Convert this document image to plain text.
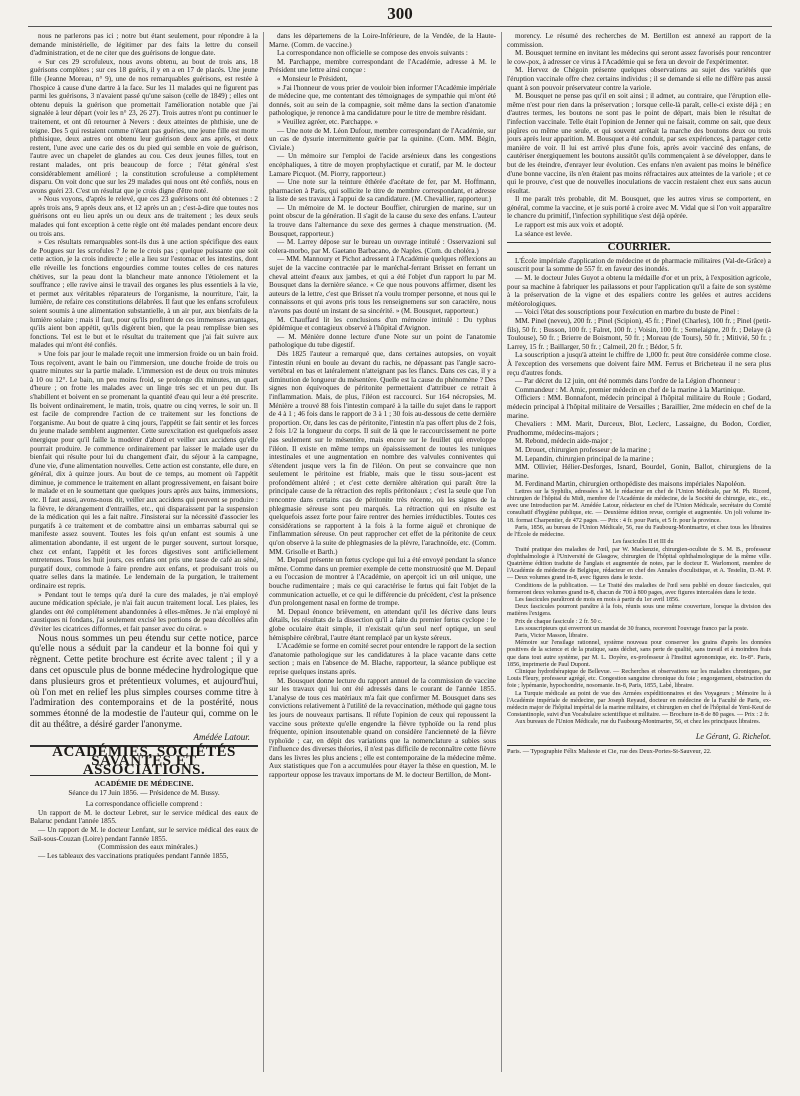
300

nous ne parlerons pas ici ; notre but étant seulement, pour répondre à la demande ministérielle, de légitimer par des faits la lettre du conseil d'administration, et de ne citer que des guérisons de longue date.

« Sur ces 29 scrofuleux, nous avons obtenu, au bout de trois ans, 18 guérisons complètes ; sur ces 18 guéris, il y en a en 17 de placés. Une jeune fille (Jeanne Moreau, n° 9), une de nos remarquables guérisons, est restée à l'hospice à cause d'une dartre à la face. Sur les 11 malades qui ne figurent pas parmi les guérisons, 3 n'avaient passé qu'une saison (celle de 1849) ; elles ont obtenu depuis la guérison que promettait l'amélioration notable que j'ai signalée à leur départ (voir les n° 23, 26 27). Trois autres n'ont pu continuer le traitement, et ont dû retourner à Nevers : deux atteintes de phthisie, une de teigne. Des 5 qui restaient comme n'étant pas guéries, une jeune fille est morte phthisique, deux autres ont obtenu leur guérison deux ans après, et deux restent, l'une avec une carie des os du pied qui semble en voie de guérison, l'autre avec un chapelet de glandes au cou. Ces deux jeunes filles, tout en restant malades, ont pris beaucoup de force ; l'état général s'est considérablement amélioré ; la constitution scrofuleuse a complétement disparu. On voit donc que sur les 29 malades qui nous ont été confiés, nous en avons guéri 23. C'est un résultat que je crois digne d'être noté.

» Nous voyons, d'après le relevé, que ces 23 guérisons ont été obtenues : 2 après trois ans, 9 après deux ans, et 12 après un an ; c'est-à-dire que toutes nos guérisons ont eu lieu après un ou deux ans de traitement ; les deux seuls malades qui font exception à cette règle ont été malades pendant encore deux ou trois ans.

» Ces résultats remarquables sont-ils dus à une action spécifique des eaux de Pougues sur les scrofules ? Je ne le crois pas ; quelque puissante que soit cette action, je la crois indirecte ; elle a lieu sur l'estomac et les intestins, dont elle réveille les fonctions engourdies comme toutes celles de ces natures chétives, sur la peau dont la blancheur mate annonce l'étiolement et la souffrance ; elle ravive ainsi le travail des organes les plus essentiels à la vie, et permet aux véritables réparateurs de l'organisme, la nourriture, l'air, la lumière, de refaire ces constitutions délabrées. Il faut que les enfans scrofuleux soient soumis à une alimentation substantielle, à un air pur, aux bienfaits de la lumière solaire ; mais il faut, pour qu'ils profitent de ces immenses avantages, qu'ils aient bon appétit, qu'ils digèrent bien, que la peau remplisse bien ses fonctions. Tel est le but et le résultat du traitement que j'ai fait suivre aux malades qui m'ont été confiés.

» Une fois par jour le malade reçoit une immersion froide ou un bain froid. Tous reçoivent, avant le bain ou l'immersion, une douche froide de trois ou quatre minutes sur la partie malade. L'immersion est de deux ou trois minutes à 10 ou 12°. Le bain, un peu moins froid, se prolonge dix minutes, un quart d'heure ; on frotte les malades avec un linge très sec et un peu dur. Ils s'habillent et boivent en se promenant la quantité d'eau qui leur a été prescrite. Ils boivent ordinairement, le matin, trois, quatre ou cinq verres, le soir un. Il est facile de comprendre l'action de ce traitement sur les fonctions de l'organisme. Au bout de quatre à cinq jours, l'appétit se fait sentir et les forces du jeune malade semblent augmenter. Cette surexcitation est quelquefois assez énergique pour qu'il faille la modérer d'abord et veiller aux accidens qu'elle pourrait produire. Je commence ordinairement par laisser le malade user du bienfait qui résulte pour lui du changement d'air, du séjour à la campagne, d'une vie, d'une alimentation nouvelles. Cette action est constante, elle dure, en général, dix à quinze jours. Au bout de ce temps, au moment où l'appétit diminue, je commence le traitement en allant progressivement, en faisant boire le malade et en le soumettant que quelques jours après aux bains, immersions, etc. Il faut aussi, avons-nous dit, veiller aux accidens qui peuvent se produire : la fièvre, le dérangement d'entrailles, etc., qui disparaissent par la suspension de la médication qui les a fait naître. J'insisterai sur la nécessité d'associer les purgatifs à ce traitement et de combattre ainsi un embarras saburral qui se manifeste assez souvent. Toutes les fois qu'un enfant est soumis à une alimentation abondante, il est urgent de le purger souvent, surtout lorsque, chez cet enfant, l'appétit et les forces digestives sont artificiellement entretenues. Tous les huit jours, ces enfans ont pris une tasse de café au séné, purgatif doux, commode à faire prendre aux enfans, et produisant trois ou quatre selles dans la matinée. Le lendemain de la purgation, le traitement ordinaire est repris.

» Pendant tout le temps qu'a duré la cure des malades, je n'ai employé aucune médication spéciale, je n'ai fait aucun traitement local. Les plaies, les glandes ont été complétement abandonnées à elles-mêmes. Je n'ai employé ni caustiques ni fondans, j'ai seulement excisé les portions de peau décollées afin d'éviter les cicatrices difformes, et fait panser avec du cérat. »

Nous nous sommes un peu étendu sur cette notice, parce qu'elle nous a séduit par la candeur et la bonne foi qui y règnent. Cette petite brochure est écrite avec talent ; il y a dans cet opuscule plus de bonne médecine hydrologique que dans plusieurs gros et prétentieux volumes, et aujourd'hui, où l'on met en relief les plus simples courses comme titre à l'admiration des contemporains et de la postérité, nous sommes étonné de la modestie de l'auteur qui, comme on le dit au théâtre, a désiré garder l'anonyme.

Amédée Latour.
ACADÉMIES, SOCIÉTÉS SAVANTES ET ASSOCIATIONS.
ACADÉMIE DE MÉDECINE.
Séance du 17 Juin 1856. — Présidence de M. Bussy.
La correspondance officielle comprend :

Un rapport de M. le docteur Lebret, sur le service médical des eaux de Balaruc pendant l'année 1855.

— Un rapport de M. le docteur Lenfant, sur le service médical des eaux de Sail-sous-Couzan (Loire) pendant l'année 1855.

(Commission des eaux minérales.)

— Les tableaux des vaccinations pratiquées pendant l'année 1855,

dans les départemens de la Loire-Inférieure, de la Vendée, de la Haute-Marne. (Comm. de vaccine.)

La correspondance non officielle se compose des envois suivants :

M. Parchappe, membre correspondant de l'Académie, adresse à M. le Président une lettre ainsi conçue :

« Monsieur le Président,

» J'ai l'honneur de vous prier de vouloir bien informer l'Académie impériale de médecine que, me contentant des témoignages de sympathie qui m'ont été donnés, soit au sein de la compagnie, soit même dans la section d'anatomie pathologique, je renonce à ma candidature pour le titre de membre résidant.

» Veuillez agréer, etc. Parchappe. »

— Une note de M. Léon Dufour, membre correspondant de l'Académie, sur un cas de dysurie intermittente guérie par la quinine. (Com. MM. Bégin, Civiale.)

— Un mémoire sur l'emploi de l'acide arsénieux dans les congestions encéphaliques, à titre de moyen prophylactique et curatif, par M. le docteur Lamare Picquot. (M. Piorry, rapporteur.)

— Une note sur la teinture éthérée d'acétate de fer, par M. Hoffmann, pharmacien à Paris, qui sollicite le titre de membre correspondant, et adresse la liste de ses travaux à l'appui de sa candidature. (M. Chevallier, rapporteur.)

— Un mémoire de M. le docteur Bouffier, chirurgien de marine, sur un point obscur de la génération. Il s'agit de la cause du sexe des enfans. L'auteur la trouve dans l'alternance du sexe des germes à chaque menstruation. (M. Bousquet, rapporteur.)

— M. Larrey dépose sur le bureau un ouvrage intitulé : Osservazioni sul colera-morbo, par M. Gaetano Barbacano, de Naples. (Com. du choléra.)

— MM. Mannoury et Pichot adressent à l'Académie quelques réflexions au sujet de la vaccine contractée par le maréchal-ferrant Brisset en ferrant un cheval atteint d'eaux aux jambes, et qui a été l'objet d'un rapport lu par M. Bousquet dans la dernière séance. « Ce que nous pouvons affirmer, disent les auteurs de la lettre, c'est que Brisset n'a voulu tromper personne, et nous qui le connaissons et qui avons pris tous les renseignemens sur son caractère, nous n'avons pas douté un instant de sa sincérité. » (M. Bousquet, rapporteur.)

M. Chauffard lit les conclusions d'un mémoire intitulé : Du typhus épidémique et contagieux observé à l'hôpital d'Avignon.

— M. Ménière donne lecture d'une Note sur un point de l'anatomie pathologique du tube digestif.

Dès 1825 l'auteur a remarqué que, dans certaines autopsies, on voyait l'intestin réuni en boule au devant du rachis, ne dépassant pas l'angle sacro-vertébral en bas et latéralement n'atteignant pas les flancs. Dans ces cas, il y a diminution de longueur du mésentère. Quelle est la cause du phénomène ? Des signes non équivoques de péritonite permettaient d'attribuer ce retrait à l'inflammation. Mais, de plus, l'iléon est raccourci. Sur 164 nécropsies, M. Ménière a trouvé 88 fois l'intestin comparé à la taille du sujet dans le rapport de 4 à 1 ; 46 fois dans le rapport de 3 à 1 ; 30 fois au-dessous de cette dernière proportion. Or, dans les cas de péritonite, l'intestin n'a pas offert plus de 2 fois, 2 fois 1/2 la longueur du corps. Il suit de là que le raccourcissement ne porte pas seulement sur le mésentère, mais encore sur le feuillet qui enveloppe l'iléon. Il existe en même temps un épaississement de toutes les tuniques intestinales et une augmentation en nombre des valvules conniventes qui s'étendent jusque vers la fin de l'iléon. On peut se convaincre que non seulement le péritoine est friable, mais que le tissu sous-jacent est profondément altéré ; et c'est cette dernière altération qui paraît être la principale cause de la rétraction des replis péritonéaux ; c'est la seule que l'on rencontre dans certains cas de péritonite très récente, où les signes de la phlegmasie séreuse sont peu marqués. La rétraction qui en résulte est quelquefois assez forte pour faire rentrer des hernies irréductibles. Toutes ces considérations se rapportent à la fois à la forme aiguë et chronique de l'inflammation séreuse. On peut rapprocher cet effet de la péritonite de ceux qu'on observe à la suite de phlegmasies de la plèvre, l'arachnoïde, etc. (Comm. MM. Grisolle et Barth.)

M. Depaul présente un fœtus cyclope qui lui a été envoyé pendant la séance même. Comme dans un premier exemple de cette monstruosité que M. Depaul a eu l'occasion de montrer à l'Académie, on aperçoit ici un œil unique, une bouche rudimentaire ; mais ce qui caractérise le fœtus qui fait l'objet de la communication actuelle, et ce qui le différencie du précédent, c'est la présence d'un prolongement nasal en forme de trompe.

M. Depaul énonce brièvement, en attendant qu'il les décrive dans leurs détails, les résultats de la dissection qu'il a faite du premier fœtus cyclope : le globe oculaire était simple, il n'existait qu'un seul nerf optique, un seul hémisphère cérébral, l'autre étant remplacé par un kyste séreux.

L'Académie se forme en comité secret pour entendre le rapport de la section d'anatomie pathologique sur les candidatures à la place vacante dans cette section ; mais en l'absence de M. Blache, rapporteur, la séance publique est reprise quelques instans après.

M. Bousquet donne lecture du rapport annuel de la commission de vaccine sur les travaux qui lui ont été adressés dans le courant de l'année 1855. L'analyse de tous ces matériaux m'a fait que confirmer M. Bousquet dans ses convictions relativement à l'utilité de la revaccination, méthode qui gagne tous les jours de nouveaux partisans. Il réfute l'opinion de ceux qui repoussent la vaccine sous prétexte qu'elle engendre la fièvre typhoïde ou la rend plus fréquente, opinion insoutenable quand on considère l'ancienneté de la fièvre typhoïde ; car, en dépit des variations que la nomenclature a subies sous l'influence des diverses théories, il n'est pas difficile de reconnaître cette fièvre dans les livres les plus anciens ; elle est contemporaine de la médecine même. Aux statistiques que l'on a accumulées pour étayer la thèse en question, M. le rapporteur oppose les travaux importans de M. le docteur Bertillon, de Mont-

morency. Le résumé des recherches de M. Bertillon est annexé au rapport de la commission.

M. Bousquet termine en invitant les médecins qui seront assez favorisés pour rencontrer le cow-pox, à adresser ce virus à l'Académie qui se fera un devoir de l'expérimenter.

M. Hervez de Chégoin présente quelques observations au sujet des variétés que l'éruption vaccinale offre chez certains individus ; il se demande si elle ne diffère pas aussi quant à son pouvoir préservateur contre la variole.

M. Bousquet ne pense pas qu'il en soit ainsi ; il admet, au contraire, que l'éruption elle-même n'est pour rien dans la préservation ; lorsque celle-là paraît, celle-ci existe déjà ; en d'autres termes, les boutons ne sont pas le point de départ, mais bien le résultat de l'infection vaccinale. Telle était l'opinion de Jenner qui ne faisait, comme on sait, que deux piqûres ou même une seule, et qui souvent arrêtait la marche des boutons deux ou trois jours après leur apparition. M. Bousquet a été conduit, par ses expériences, à partager cette manière de voir. Il lui est arrivé plus d'une fois, après avoir vacciné des enfans, de cautériser énergiquement les boutons aussitôt qu'ils commençaient à se développer, dans le but de les éteindre, d'enrayer leur évolution. Ces enfans n'en avaient pas moins le bénéfice d'une bonne vaccine, ils n'en étaient pas moins réfractaires aux atteintes de la variole ; et ce qui le prouve, c'est que de nouvelles inoculations de vaccin restaient chez eux sans aucun résultat.

Il me paraît très probable, dit M. Bousquet, que les autres virus se comportent, en général, comme la vaccine, et je suis porté à croire avec M. Vidal que si l'on voit apparaître le chancre du primitif, l'infection syphilitique s'est déjà opérée.

Le rapport est mis aux voix et adopté.

La séance est levée.

COURRIER.

L'École impériale d'application de médecine et de pharmacie militaires (Val-de-Grâce) a souscrit pour la somme de 557 fr. en faveur des inondés.

— M. le docteur Jules Guyot a obtenu la médaille d'or et un prix, à l'exposition agricole, pour sa machine à fabriquer les pailassons et pour l'application qu'il a faite de son système à la préservation de la vigne et des espaliers contre les gelées et autres accidens météorologiques.

— Voici l'état des souscriptions pour l'exécution en marbre du buste de Pinel :

MM. Pinel (neveu), 200 fr. ; Pinel (Scipion), 45 fr. ; Pinel (Charles), 100 fr. ; Pinel (petit-fils), 50 fr. ; Busson, 100 fr. ; Falret, 100 fr. ; Voisin, 100 fr. ; Semelaigne, 20 fr. ; Delaye (à Toulouse), 50 fr. ; Brierre de Boismont, 50 fr. ; Moreau (de Tours), 50 fr. ; Mitivié, 50 fr. ; Larrey, 15 fr. ; Baillarger, 50 fr. ; Calmeil, 20 fr. ; Bédor, 5 fr.

La souscription a jusqu'à atteint le chiffre de 1,000 fr. peut être considérée comme close. À l'exception des versemens que doivent faire MM. Ferrus et Bricheteau il ne sera plus reçu d'autres fonds.

— Par décret du 12 juin, ont été nommés dans l'ordre de la Légion d'honneur :

Commandeur : M. Amic, premier médecin en chef de la marine à la Martinique.

Officiers : MM. Bonnafont, médecin principal à l'hôpital militaire du Roule ; Godard, médecin principal à l'hôpital militaire de Versailles ; Baraillier, 2me médecin en chef de la marine.

Chevaliers : MM. Marit, Durceux, Blot, Leclerc, Lassaigne, du Bodon, Cordier, Prudhomme, médecins-majors ;

M. Rebond, médecin aide-major ;

M. Drouet, chirurgien professeur de la marine ;

M. Lepandin, chirurgien principal de la marine ;

MM. Ollivier, Hélier-Desforges, Isnard, Bourdel, Gonin, Ballot, chirurgiens de la marine.

M. Ferdinand Martin, chirurgien orthopédiste des maisons impériales Napoléon.

Lettres sur la Syphilis, adressées à M. le rédacteur en chef de l'Union Médicale, par M. Ph. Ricord, chirurgien de l'hôpital du Midi, membre de l'Académie de médecine, de la Société de chirurgie, etc., etc., avec une Introduction par M. Amédée Latour, rédacteur en chef de l'Union Médicale, secrétaire du Comité consultatif d'hygiène publique, etc. — Deuxième édition revue, corrigée et augmentée. Un joli volume in-18. format Charpentier, de 472 pages. — Prix : 4 fr. pour Paris, et 5 fr. pour la province.

Paris, 1856, au bureau de l'Union Médicale, 56, rue du Faubourg-Montmartre, et chez tous les libraires de l'École de médecine.

Les fascicules II et III du

Traité pratique des maladies de l'œil, par W. Mackenzie, chirurgien-oculiste de S. M. B., professeur d'ophthalmologie à l'Université de Glasgow, chirurgien de l'hôpital ophthalmologique de la même ville. Quatrième édition traduite de l'anglais et augmentée de notes, par le docteur E. Warlomont, membre de l'Académie de médecine de Belgique, rédacteur en chef des Annales d'oculistique, et A. Testelin, D.-M. P. — Deux volumes grand in-8, avec figures dans le texte.

Conditions de la publication. — Le Traité des maladies de l'œil sera publié en douze fascicules, qui formeront deux volumes grand in-8, chacun de 700 à 800 pages, avec figures intercalées dans le texte.

Les fascicules paraîtront de mois en mois à partir du 1er avril 1856.

Deux fascicules pourront paraître à la fois, réunis sous une même couverture, lorsque la division des matières l'exigera.

Prix de chaque fascicule : 2 fr. 50 c.

Les souscripteurs qui enverront un mandat de 30 francs, recevront l'ouvrage franco par la poste.

Paris, Victor Masson, libraire.

Mémoire sur l'ensilage rationnel, système nouveau pour conserver les grains d'après les données positives de la science et de la pratique, sans déchet, sans perte de qualité, sans travail et à moindres frais que dans tout autre système, par M. L. Doyère, ex-professeur à l'Institut agronomique, etc. In-8°. Paris, 1856, imprimerie de Paul Dupont.

Clinique hydrothérapique de Bellevue. — Recherches et observations sur les maladies chroniques, par Louis Fleury, professeur agrégé, etc. Congestion sanguine chronique du foie ; engorgement, obstruction du foie ; lypémanie, hypochondrie, nosomanie. In-8, Paris, 1855, Labé, libraire.

La Turquie médicale au point de vue des Armées expéditionnaires et des Voyageurs ; Mémoire lu à l'Académie impériale de médecine, par Joseph Reyaud, docteur en médecine de la Faculté de Paris, ex-médecin major de l'hôpital impérial de la marine militaire, et chirurgien en chef de l'hôpital de Yeni-Keuï de Constantinople, suivi d'un Vocabulaire scientifique et militaire. — Brochure in-8 de 80 pages. — Prix : 2 fr.

Aux bureaux de l'Union Médicale, rue du Faubourg-Montmartre, 56, et chez les principaux libraires.

Le Gérant, G. Richelot.
Paris. — Typographie Félix Malteste et Cie, rue des Deux-Portes-St-Sauveur, 22.
